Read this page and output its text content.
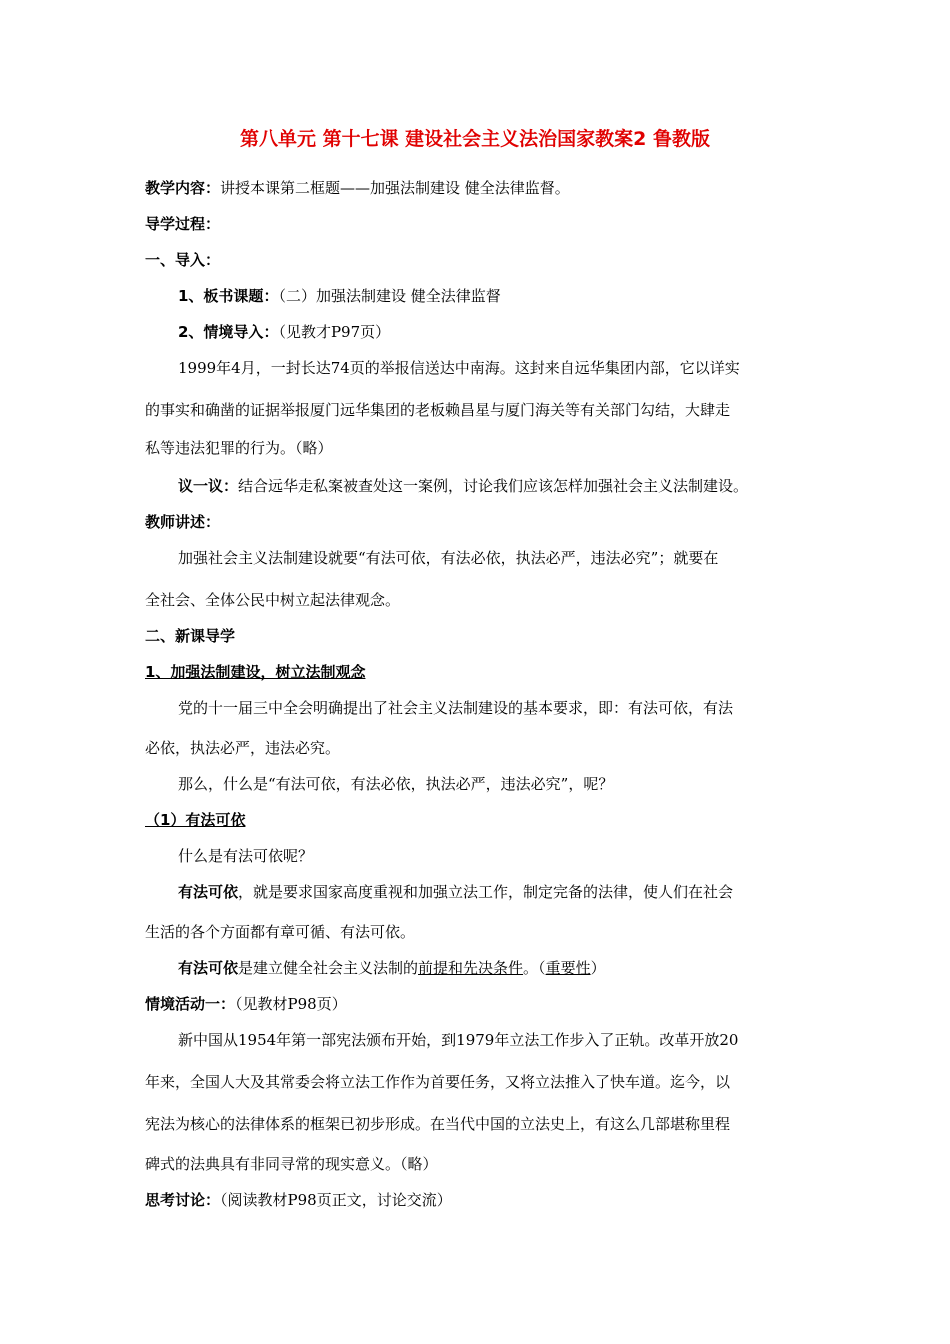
第八单元 第十七课 建设社会主义法治国家教案2 鲁教版
教学内容：讲授本课第二框题——加强法制建设 健全法律监督。
导学过程：
一、导入：
1、板书课题：（二）加强法制建设 健全法律监督
2、情境导入：（见教才P97页）
1999年4月，一封长达74页的举报信送达中南海。这封来自远华集团内部，它以详实
的事实和确凿的证据举报厦门远华集团的老板赖昌星与厦门海关等有关部门勾结，大肆走
私等违法犯罪的行为。（略）
议一议：结合远华走私案被查处这一案例，讨论我们应该怎样加强社会主义法制建设。
教师讲述：
加强社会主义法制建设就要“有法可依，有法必依，执法必严，违法必究”；就要在
全社会、全体公民中树立起法律观念。
二、新课导学
1、加强法制建设，树立法制观念
党的十一届三中全会明确提出了社会主义法制建设的基本要求，即：有法可依，有法
必依，执法必严，违法必究。
那么，什么是“有法可依，有法必依，执法必严，违法必究”，呢？
（1）有法可依
什么是有法可依呢？
有法可依，就是要求国家高度重视和加强立法工作，制定完备的法律，使人们在社会
生活的各个方面都有章可循、有法可依。
有法可依是建立健全社会主义法制的前提和先决条件。（重要性）
情境活动一：（见教材P98页）
新中国从1954年第一部宪法颁布开始，到1979年立法工作步入了正轨。改革开放20
年来，全国人大及其常委会将立法工作作为首要任务，又将立法推入了快车道。迄今，以
宪法为核心的法律体系的框架已初步形成。在当代中国的立法史上，有这么几部堪称里程
碑式的法典具有非同寻常的现实意义。（略）
思考讨论：（阅读教材P98页正文，讨论交流）
